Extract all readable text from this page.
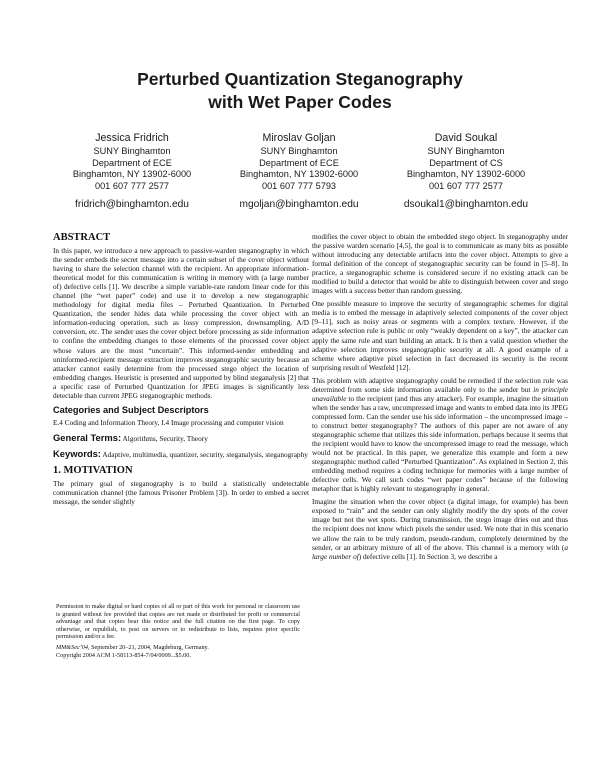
Perturbed Quantization Steganography
with Wet Paper Codes
Jessica Fridrich
SUNY Binghamton
Department of ECE
Binghamton, NY 13902-6000
001 607 777 2577
fridrich@binghamton.edu
Miroslav Goljan
SUNY Binghamton
Department of ECE
Binghamton, NY 13902-6000
001 607 777 5793
mgoljan@binghamton.edu
David Soukal
SUNY Binghamton
Department of CS
Binghamton, NY 13902-6000
001 607 777 2577
dsoukal1@binghamton.edu
ABSTRACT

In this paper, we introduce a new approach to passive-warden steganography in which the sender embeds the secret message into a certain subset of the cover object without having to share the selection channel with the recipient. An appropriate information-theoretical model for this communication is writing in memory with (a large number of) defective cells [1]. We describe a simple variable-rate random linear code for this channel (the “wet paper” code) and use it to develop a new steganographic methodology for digital media files – Perturbed Quantization. In Perturbed Quantization, the sender hides data while processing the cover object with an information-reducing operation, such as lossy compression, downsampling, A/D conversion, etc. The sender uses the cover object before processing as side information to confine the embedding changes to those elements of the processed cover object whose values are the most “uncertain”. This informed-sender embedding and uninformed-recipient message extraction improves steganographic security because an attacker cannot easily determine from the processed stego object the location of embedding changes. Heuristic is presented and supported by blind steganalysis [2] that a specific case of Perturbed Quantization for JPEG images is significantly less detectable than current JPEG steganographic methods.

Categories and Subject Descriptors

E.4 Coding and Information Theory, I.4 Image processing and computer vision

General Terms: Algorithms, Security, Theory

Keywords: Adaptive, multimedia, quantizer, security, steganalysis, steganography

1. MOTIVATION

The primary goal of steganography is to build a statistically undetectable communication channel (the famous Prisoner Problem [3]). In order to embed a secret message, the sender slightly

Permission to make digital or hard copies of all or part of this work for personal or classroom use is granted without fee provided that copies are not made or distributed for profit or commercial advantage and that copies bear this notice and the full citation on the first page. To copy otherwise, or republish, to post on servers or to redistribute to lists, requires prior specific permission and/or a fee.

MM&Sec’04, September 20–21, 2004, Magdeburg, Germany.
Copyright 2004 ACM 1-58113-854-7/04/0009...$5.00.

modifies the cover object to obtain the embedded stego object. In steganography under the passive warden scenario [4,5], the goal is to communicate as many bits as possible without introducing any detectable artifacts into the cover object. Attempts to give a formal definition of the concept of steganographic security can be found in [5–8]. In practice, a steganographic scheme is considered secure if no existing attack can be modified to build a detector that would be able to distinguish between cover and stego images with a success better than random guessing.

One possible measure to improve the security of steganographic schemes for digital media is to embed the message in adaptively selected components of the cover object [9–11], such as noisy areas or segments with a complex texture. However, if the adaptive selection rule is public or only “weakly dependent on a key”, the attacker can apply the same rule and start building an attack. It is then a valid question whether the adaptive selection improves steganographic security at all. A good example of a scheme where adaptive pixel selection in fact decreased its security is the recent surprising result of Westfeld [12].

This problem with adaptive steganography could be remedied if the selection rule was determined from some side information available only to the sender but in principle unavailable to the recipient (and thus any attacker). For example, imagine the situation when the sender has a raw, uncompressed image and wants to embed data into its JPEG compressed form. Can the sender use his side information – the uncompressed image – to construct better steganography? The authors of this paper are not aware of any steganographic scheme that utilizes this side information, perhaps because it seems that the recipient would have to know the uncompressed image to read the message, which would not be practical. In this paper, we generalize this example and form a new steganographic method called “Perturbed Quantization”. As explained in Section 2, this embedding method requires a coding technique for memories with a large number of defective cells. We call such codes “wet paper codes” because of the following metaphor that is highly relevant to steganography in general.

Imagine the situation when the cover object (a digital image, for example) has been exposed to “rain” and the sender can only slightly modify the dry spots of the cover image but not the wet spots. During transmission, the stego image dries out and thus the recipient does not know which pixels the sender used. We note that in this scenario we allow the rain to be truly random, pseudo-random, completely determined by the sender, or an arbitrary mixture of all of the above. This channel is a memory with (a large number of) defective cells [1]. In Section 3, we describe a
